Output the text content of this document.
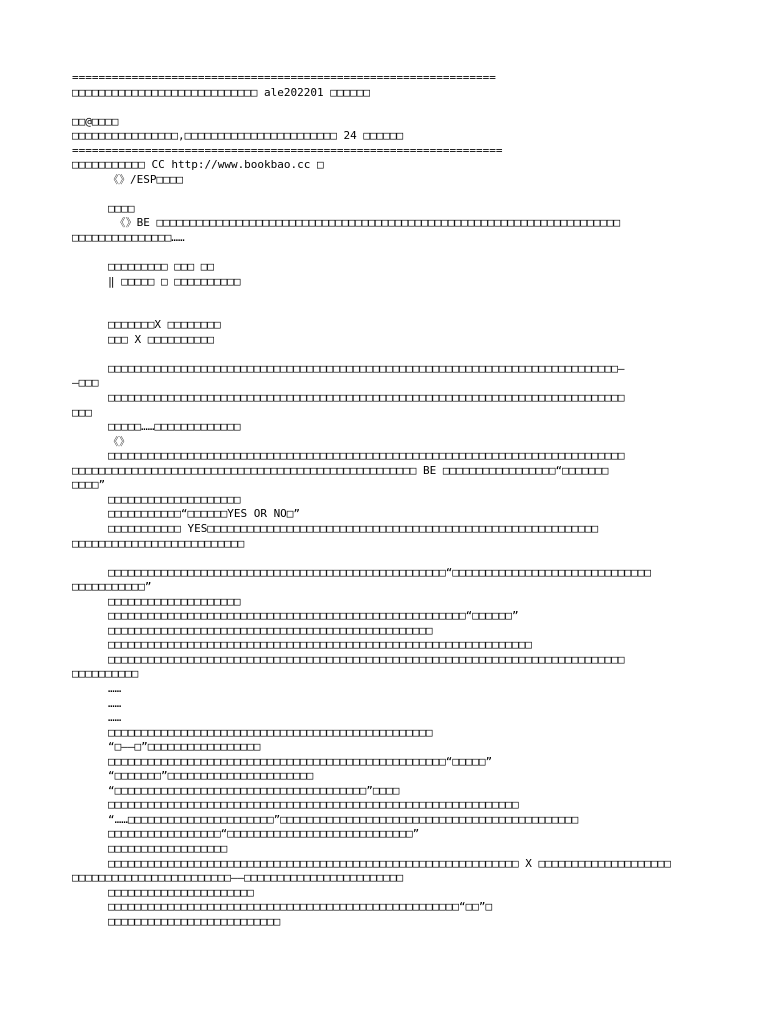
================================================================
□□□□□□□□□□□□□□□□□□□□□□□□□□□□ ale202201 □□□□□□
□□@□□□□
□□□□□□□□□□□□□□□□,□□□□□□□□□□□□□□□□□□□□□□□ 24 □□□□□□
=================================================================
□□□□□□□□□□□ CC http://www.bookbao.cc □
《》/ESP□□□□
□□□□
《》BE □□□□□□□□□□□□□□□□□□□□□□□□□□□□□□□□□□□□□□□□□□□□□□□□□□□□□□□□□□□□□□□□□□□□□□
□□□□□□□□□□□□□□□……
□□□□□□□□□ □□□ □□
‖ □□□□□ □ □□□□□□□□□□
□□□□□□□X □□□□□□□□
□□□ X □□□□□□□□□□
□□□□□□□□□□□□□□□□□□□□□□□□□□□□□□□□□□□□□□□□□□□□□□□□□□□□□□□□□□□□□□□□□□□□□□□□□□□□□—
—□□□
□□□□□□□□□□□□□□□□□□□□□□□□□□□□□□□□□□□□□□□□□□□□□□□□□□□□□□□□□□□□□□□□□□□□□□□□□□□□□□
□□□
□□□□□……□□□□□□□□□□□□□
《》
□□□□□□□□□□□□□□□□□□□□□□□□□□□□□□□□□□□□□□□□□□□□□□□□□□□□□□□□□□□□□□□□□□□□□□□□□□□□□□
□□□□□□□□□□□□□□□□□□□□□□□□□□□□□□□□□□□□□□□□□□□□□□□□□□□□ BE □□□□□□□□□□□□□□□□□“□□□□□□□
□□□□”
□□□□□□□□□□□□□□□□□□□□
□□□□□□□□□□□“□□□□□□YES OR NO□”
□□□□□□□□□□□ YES□□□□□□□□□□□□□□□□□□□□□□□□□□□□□□□□□□□□□□□□□□□□□□□□□□□□□□□□□□□
□□□□□□□□□□□□□□□□□□□□□□□□□□
□□□□□□□□□□□□□□□□□□□□□□□□□□□□□□□□□□□□□□□□□□□□□□□□□□□“□□□□□□□□□□□□□□□□□□□□□□□□□□□□□□
□□□□□□□□□□□”
□□□□□□□□□□□□□□□□□□□□
□□□□□□□□□□□□□□□□□□□□□□□□□□□□□□□□□□□□□□□□□□□□□□□□□□□□□□“□□□□□□”
□□□□□□□□□□□□□□□□□□□□□□□□□□□□□□□□□□□□□□□□□□□□□□□□□
□□□□□□□□□□□□□□□□□□□□□□□□□□□□□□□□□□□□□□□□□□□□□□□□□□□□□□□□□□□□□□□□
□□□□□□□□□□□□□□□□□□□□□□□□□□□□□□□□□□□□□□□□□□□□□□□□□□□□□□□□□□□□□□□□□□□□□□□□□□□□□□
□□□□□□□□□□
……
……
……
□□□□□□□□□□□□□□□□□□□□□□□□□□□□□□□□□□□□□□□□□□□□□□□□□
“□——□”□□□□□□□□□□□□□□□□□
□□□□□□□□□□□□□□□□□□□□□□□□□□□□□□□□□□□□□□□□□□□□□□□□□□□“□□□□□”
“□□□□□□□”□□□□□□□□□□□□□□□□□□□□□□
“□□□□□□□□□□□□□□□□□□□□□□□□□□□□□□□□□□□□□□”□□□□
□□□□□□□□□□□□□□□□□□□□□□□□□□□□□□□□□□□□□□□□□□□□□□□□□□□□□□□□□□□□□□
“……□□□□□□□□□□□□□□□□□□□□□□”□□□□□□□□□□□□□□□□□□□□□□□□□□□□□□□□□□□□□□□□□□□□□
□□□□□□□□□□□□□□□□□“□□□□□□□□□□□□□□□□□□□□□□□□□□□□”
□□□□□□□□□□□□□□□□□□
□□□□□□□□□□□□□□□□□□□□□□□□□□□□□□□□□□□□□□□□□□□□□□□□□□□□□□□□□□□□□□ X □□□□□□□□□□□□□□□□□□□□
□□□□□□□□□□□□□□□□□□□□□□□□——□□□□□□□□□□□□□□□□□□□□□□□□
□□□□□□□□□□□□□□□□□□□□□□
□□□□□□□□□□□□□□□□□□□□□□□□□□□□□□□□□□□□□□□□□□□□□□□□□□□□□“□□”□
□□□□□□□□□□□□□□□□□□□□□□□□□□
